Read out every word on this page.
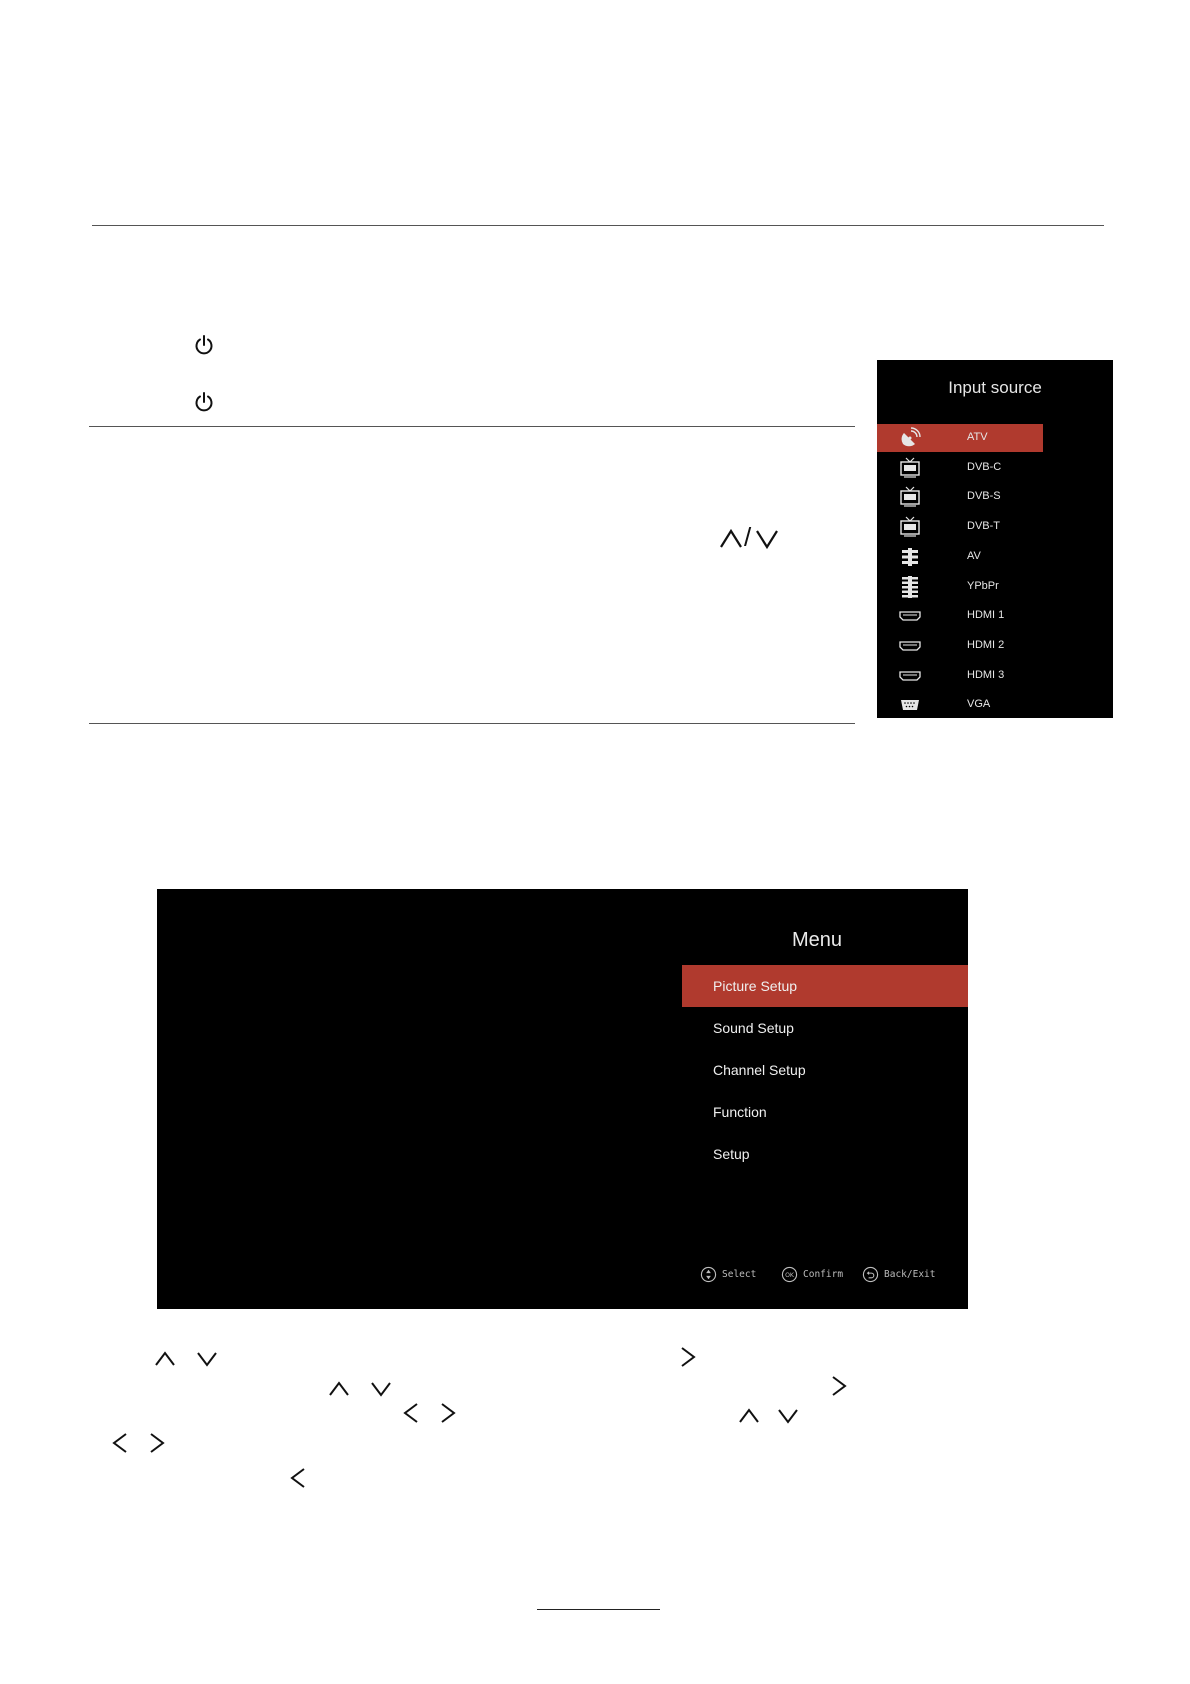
/
Input source
ATV
DVB-C
DVB-S
DVB-T
AV
YPbPr
HDMI 1
HDMI 2
HDMI 3
VGA
Menu
Picture Setup
Sound Setup
Channel Setup
Function
Setup
Select	OK Confirm	Back/Exit
